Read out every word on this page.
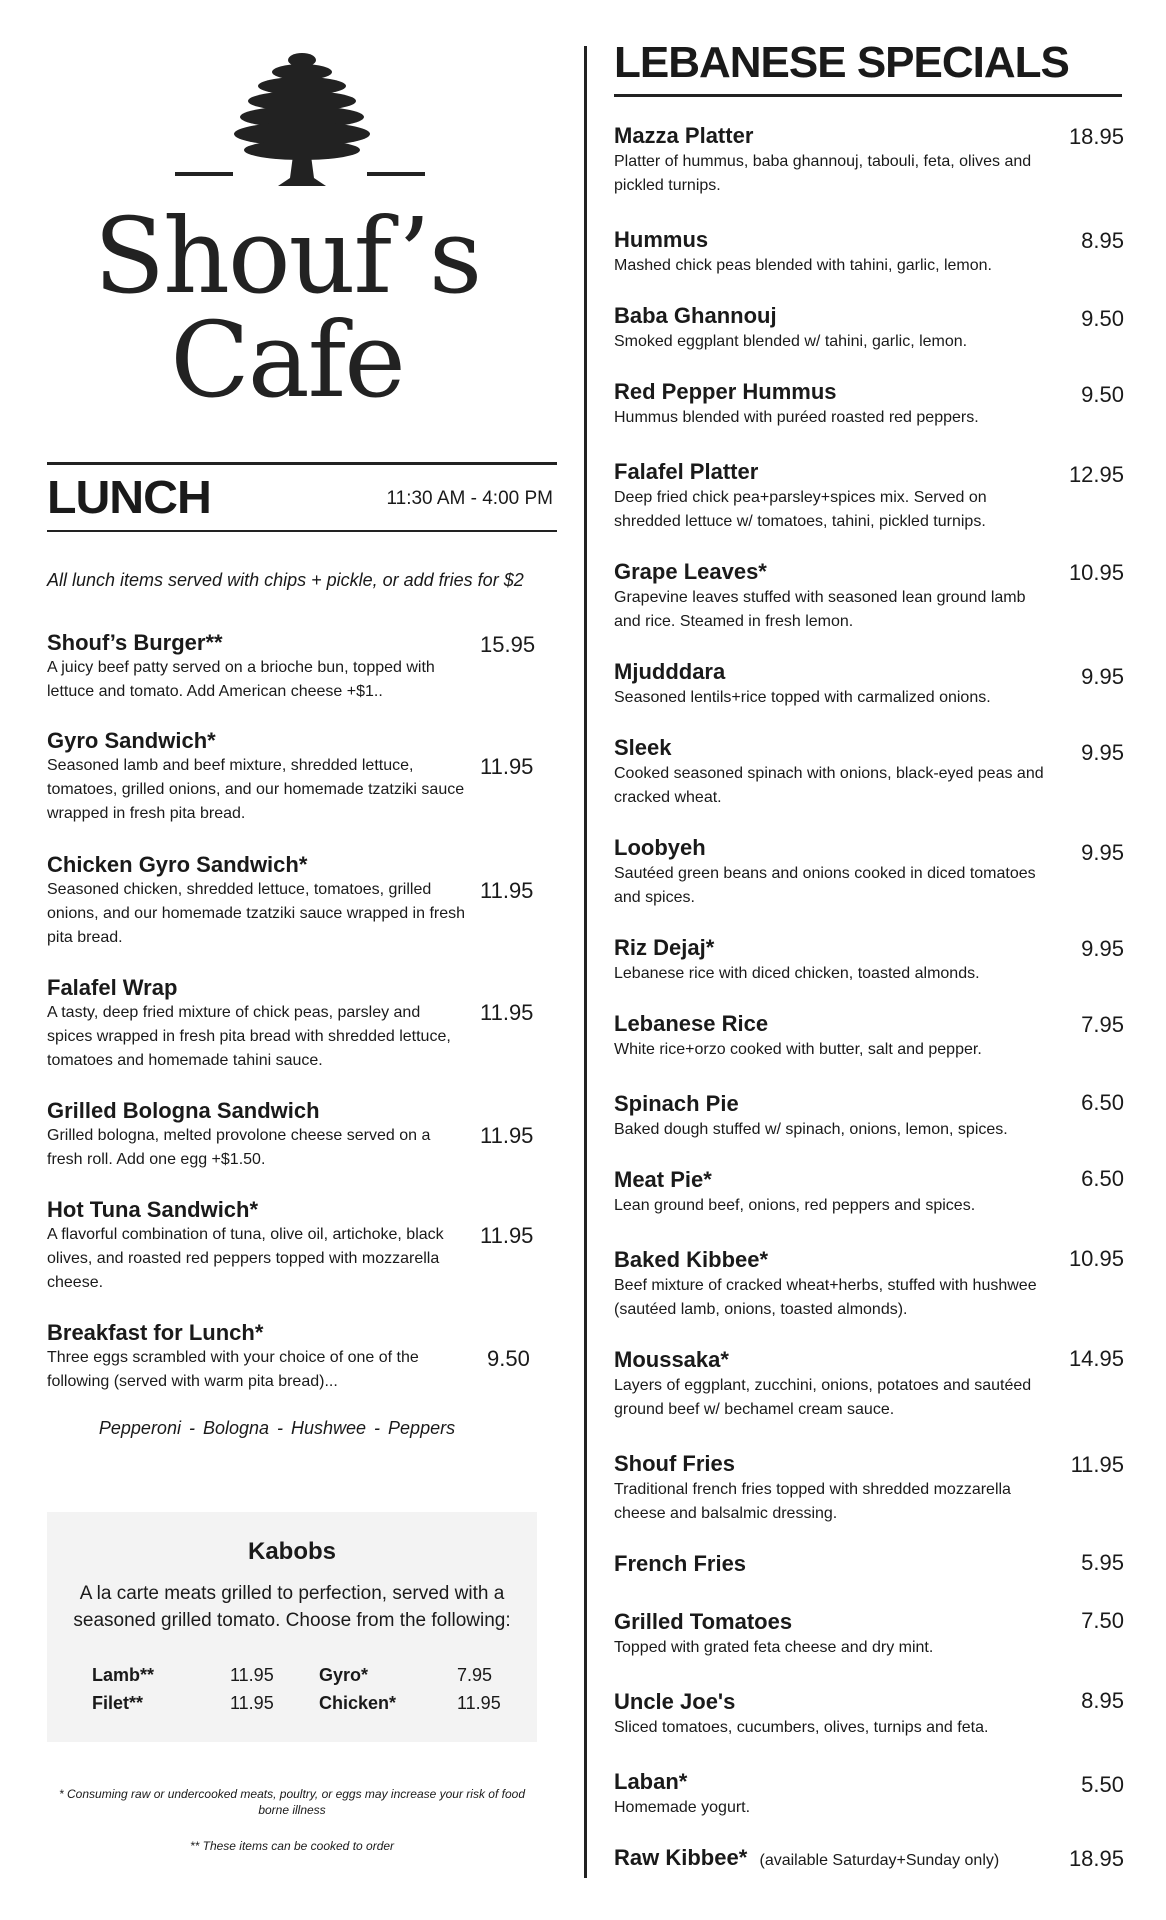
Shouf’s
Cafe
LUNCH	11:30 AM - 4:00 PM
All lunch items served with chips + pickle, or add fries for $2
Shouf’s Burger**	15.95
A juicy beef patty served on a brioche bun, topped with lettuce and tomato. Add American cheese +$1..
Gyro Sandwich*
11.95
Seasoned lamb and beef mixture, shredded lettuce, tomatoes, grilled onions, and our homemade tzatziki sauce wrapped in fresh pita bread.
Chicken Gyro Sandwich*
11.95
Seasoned chicken, shredded lettuce, tomatoes, grilled onions, and our homemade tzatziki sauce wrapped in fresh pita bread.
Falafel Wrap
11.95
A tasty, deep fried mixture of chick peas, parsley and spices wrapped in fresh pita bread with shredded lettuce, tomatoes and homemade tahini sauce.
Grilled Bologna Sandwich
11.95
Grilled bologna, melted provolone cheese served on a fresh roll. Add one egg +$1.50.
Hot Tuna Sandwich*
11.95
A flavorful combination of tuna, olive oil, artichoke, black olives, and roasted red peppers topped with mozzarella cheese.
Breakfast for Lunch*
9.50
Three eggs scrambled with your choice of one of the following (served with warm pita bread)...
Pepperoni - Bologna - Hushwee - Peppers
Kabobs
A la carte meats grilled to perfection, served with a seasoned grilled tomato. Choose from the following:
Lamb**	11.95	Gyro*	7.95
Filet**	11.95	Chicken*	11.95
* Consuming raw or undercooked meats, poultry, or eggs may increase your risk of food borne illness
** These items can be cooked to order
LEBANESE SPECIALS
Mazza Platter	18.95
Platter of hummus, baba ghannouj, tabouli, feta, olives and pickled turnips.
Hummus	8.95
Mashed chick peas blended with tahini, garlic, lemon.
Baba Ghannouj	9.50
Smoked eggplant blended w/ tahini, garlic, lemon.
Red Pepper Hummus	9.50
Hummus blended with puréed roasted red peppers.
Falafel Platter	12.95
Deep fried chick pea+parsley+spices mix. Served on shredded lettuce w/ tomatoes, tahini, pickled turnips.
Grape Leaves*	10.95
Grapevine leaves stuffed with seasoned lean ground lamb and rice. Steamed in fresh lemon.
Mjudddara	9.95
Seasoned lentils+rice topped with carmalized onions.
Sleek	9.95
Cooked seasoned spinach with onions, black-eyed peas and cracked wheat.
Loobyeh	9.95
Sautéed green beans and onions cooked in diced tomatoes and spices.
Riz Dejaj*	9.95
Lebanese rice with diced chicken, toasted almonds.
Lebanese Rice	7.95
White rice+orzo cooked with butter, salt and pepper.
Spinach Pie	6.50
Baked dough stuffed w/ spinach, onions, lemon, spices.
Meat Pie*	6.50
Lean ground beef, onions, red peppers and spices.
Baked Kibbee*	10.95
Beef mixture of cracked wheat+herbs, stuffed with hushwee (sautéed lamb, onions, toasted almonds).
Moussaka*	14.95
Layers of eggplant, zucchini, onions, potatoes and sautéed ground beef w/ bechamel cream sauce.
Shouf Fries	11.95
Traditional french fries topped with shredded mozzarella cheese and balsalmic dressing.
French Fries	5.95
Grilled Tomatoes	7.50
Topped with grated feta cheese and dry mint.
Uncle Joe's	8.95
Sliced tomatoes, cucumbers, olives, turnips and feta.
Laban*	5.50
Homemade yogurt.
Raw Kibbee* (available Saturday+Sunday only)	18.95
